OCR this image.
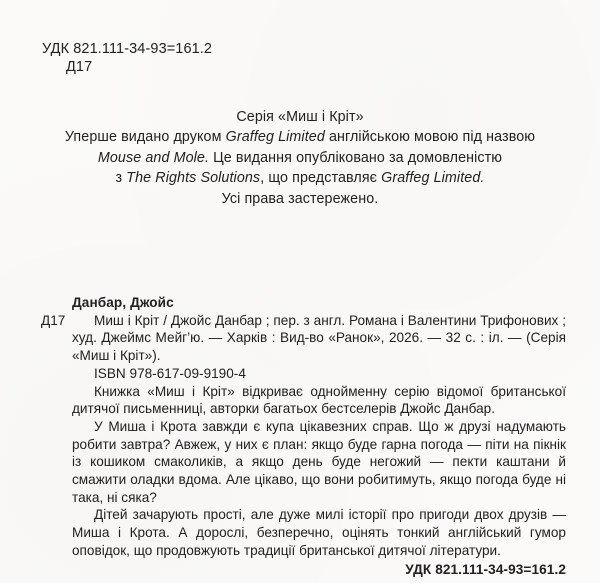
УДК 821.111-34-93=161.2
Д17
Серія «Миш і Кріт»
Уперше видано друком Graffeg Limited англійською мовою під назвою
Mouse and Mole. Це видання опубліковано за домовленістю
з The Rights Solutions, що представляє Graffeg Limited.
Усі права застережено.

Данбар, Джойс

Д17	Миш і Кріт / Джойс Данбар ; пер. з англ. Романа і Валентини Трифонових ; худ. Джеймс Мейг’ю. — Харків : Вид-во «Ранок», 2026. — 32 с. : іл. — (Серія «Миш і Кріт»).

ISBN 978-617-09-9190-4

Книжка «Миш і Кріт» відкриває однойменну серію відомої британської дитячої письменниці, авторки багатьох бестселерів Джойс Данбар.

У Миша і Крота завжди є купа цікавезних справ. Що ж друзі надумають робити завтра? Авжеж, у них є план: якщо буде гарна погода — піти на пікнік із кошиком смаколиків, а якщо день буде негожий — пекти каштани й смажити оладки вдома. Але цікаво, що вони робитимуть, якщо погода буде ні така, ні сяка?

Дітей зачарують прості, але дуже милі історії про пригоди двох друзів — Миша і Крота. А дорослі, безперечно, оцінять тонкий англійський гумор оповідок, що продовжують традиції британської дитячої літератури.

УДК 821.111-34-93=161.2
